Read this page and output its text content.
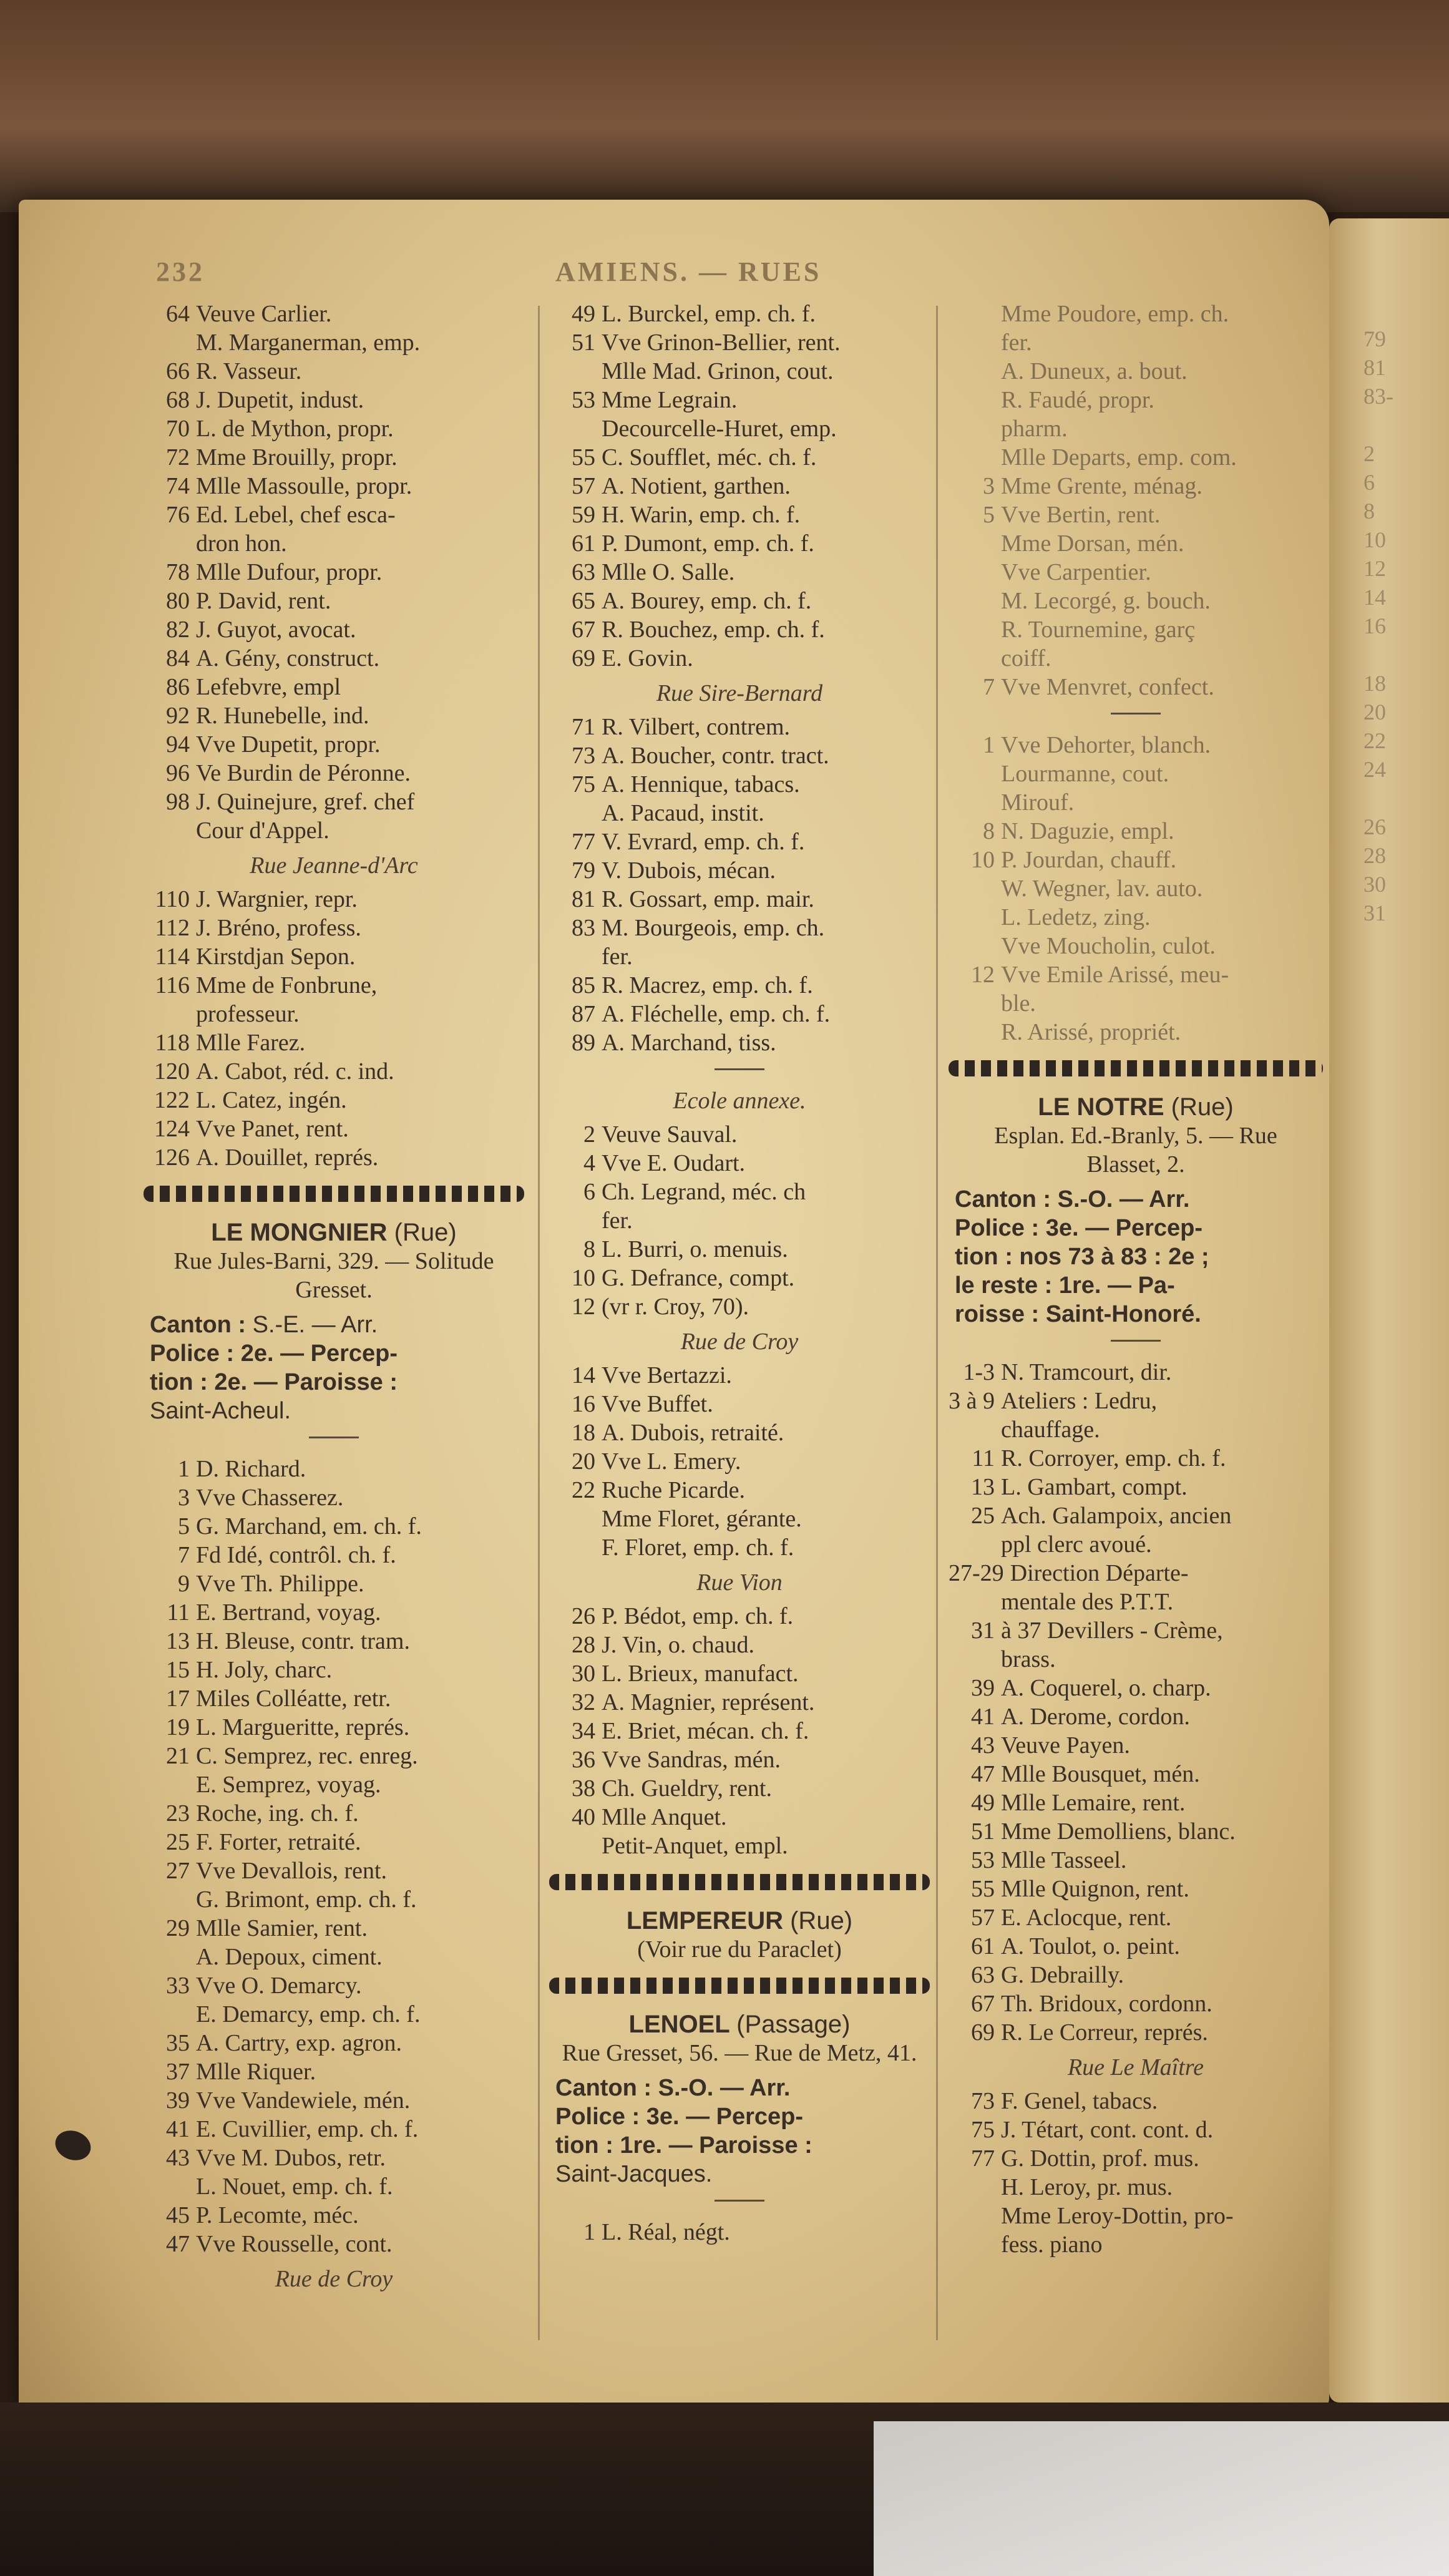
232	AMIENS. — RUES
64 Veuve Carlier.
M. Marganerman, emp.
66 R. Vasseur.
68 J. Dupetit, indust.
70 L. de Mython, propr.
72 Mme Brouilly, propr.
74 Mlle Massoulle, propr.
76 Ed. Lebel, chef esca-
dron hon.
78 Mlle Dufour, propr.
80 P. David, rent.
82 J. Guyot, avocat.
84 A. Gény, construct.
86 Lefebvre, empl
92 R. Hunebelle, ind.
94 Vve Dupetit, propr.
96 Ve Burdin de Péronne.
98 J. Quinejure, gref. chef
Cour d'Appel.
Rue Jeanne-d'Arc
110 J. Wargnier, repr.
112 J. Bréno, profess.
114 Kirstdjan Sepon.
116 Mme de Fonbrune,
professeur.
118 Mlle Farez.
120 A. Cabot, réd. c. ind.
122 L. Catez, ingén.
124 Vve Panet, rent.
126 A. Douillet, représ.
LE MONGNIER (Rue)
Rue Jules-Barni, 329. — Solitude Gresset.
Canton : S.-E. — Arr.
Police : 2e. — Percep-
tion : 2e. — Paroisse :
Saint-Acheul.
1 D. Richard.
3 Vve Chasserez.
5 G. Marchand, em. ch. f.
7 Fd Idé, contrôl. ch. f.
9 Vve Th. Philippe.
11 E. Bertrand, voyag.
13 H. Bleuse, contr. tram.
15 H. Joly, charc.
17 Miles Colléatte, retr.
19 L. Margueritte, représ.
21 C. Semprez, rec. enreg.
E. Semprez, voyag.
23 Roche, ing. ch. f.
25 F. Forter, retraité.
27 Vve Devallois, rent.
G. Brimont, emp. ch. f.
29 Mlle Samier, rent.
A. Depoux, ciment.
33 Vve O. Demarcy.
E. Demarcy, emp. ch. f.
35 A. Cartry, exp. agron.
37 Mlle Riquer.
39 Vve Vandewiele, mén.
41 E. Cuvillier, emp. ch. f.
43 Vve M. Dubos, retr.
L. Nouet, emp. ch. f.
45 P. Lecomte, méc.
47 Vve Rousselle, cont.
Rue de Croy
49 L. Burckel, emp. ch. f.
51 Vve Grinon-Bellier, rent.
Mlle Mad. Grinon, cout.
53 Mme Legrain.
Decourcelle-Huret, emp.
55 C. Soufflet, méc. ch. f.
57 A. Notient, garthen.
59 H. Warin, emp. ch. f.
61 P. Dumont, emp. ch. f.
63 Mlle O. Salle.
65 A. Bourey, emp. ch. f.
67 R. Bouchez, emp. ch. f.
69 E. Govin.
Rue Sire-Bernard
71 R. Vilbert, contrem.
73 A. Boucher, contr. tract.
75 A. Hennique, tabacs.
A. Pacaud, instit.
77 V. Evrard, emp. ch. f.
79 V. Dubois, mécan.
81 R. Gossart, emp. mair.
83 M. Bourgeois, emp. ch.
fer.
85 R. Macrez, emp. ch. f.
87 A. Fléchelle, emp. ch. f.
89 A. Marchand, tiss.
Ecole annexe.
2 Veuve Sauval.
4 Vve E. Oudart.
6 Ch. Legrand, méc. ch
fer.
8 L. Burri, o. menuis.
10 G. Defrance, compt.
12 (vr r. Croy, 70).
Rue de Croy
14 Vve Bertazzi.
16 Vve Buffet.
18 A. Dubois, retraité.
20 Vve L. Emery.
22 Ruche Picarde.
Mme Floret, gérante.
F. Floret, emp. ch. f.
Rue Vion
26 P. Bédot, emp. ch. f.
28 J. Vin, o. chaud.
30 L. Brieux, manufact.
32 A. Magnier, représent.
34 E. Briet, mécan. ch. f.
36 Vve Sandras, mén.
38 Ch. Gueldry, rent.
40 Mlle Anquet.
Petit-Anquet, empl.
LEMPEREUR (Rue)
(Voir rue du Paraclet)
LENOEL (Passage)
Rue Gresset, 56. — Rue de Metz, 41.
Canton : S.-O. — Arr.
Police : 3e. — Percep-
tion : 1re. — Paroisse :
Saint-Jacques.
1 L. Réal, négt.
Mme Poudore, emp. ch.
fer.
A. Duneux, a. bout.
R. Faudé, propr.
pharm.
Mlle Departs, emp. com.
3 Mme Grente, ménag.
5 Vve Bertin, rent.
Mme Dorsan, mén.
Vve Carpentier.
M. Lecorgé, g. bouch.
R. Tournemine, garç
coiff.
7 Vve Menvret, confect.
1 Vve Dehorter, blanch.
Lourmanne, cout.
Mirouf.
8 N. Daguzie, empl.
10 P. Jourdan, chauff.
W. Wegner, lav. auto.
L. Ledetz, zing.
Vve Moucholin, culot.
12 Vve Emile Arissé, meu-
ble.
R. Arissé, propriét.
LE NOTRE (Rue)
Esplan. Ed.-Branly, 5. — Rue Blasset, 2.
Canton : S.-O. — Arr.
Police : 3e. — Percep-
tion : nos 73 à 83 : 2e ;
le reste : 1re. — Pa-
roisse : Saint-Honoré.
1-3 N. Tramcourt, dir.
3 à 9 Ateliers : Ledru,
chauffage.
11 R. Corroyer, emp. ch. f.
13 L. Gambart, compt.
25 Ach. Galampoix, ancien
ppl clerc avoué.
27-29 Direction Départe-
mentale des P.T.T.
31 à 37 Devillers - Crème,
brass.
39 A. Coquerel, o. charp.
41 A. Derome, cordon.
43 Veuve Payen.
47 Mlle Bousquet, mén.
49 Mlle Lemaire, rent.
51 Mme Demolliens, blanc.
53 Mlle Tasseel.
55 Mlle Quignon, rent.
57 E. Aclocque, rent.
61 A. Toulot, o. peint.
63 G. Debrailly.
67 Th. Bridoux, cordonn.
69 R. Le Correur, représ.
Rue Le Maître
73 F. Genel, tabacs.
75 J. Tétart, cont. cont. d.
77 G. Dottin, prof. mus.
H. Leroy, pr. mus.
Mme Leroy-Dottin, pro-
fess. piano
79
81
83-

2
6
8
10
12
14
16

18
20
22
24

26
28
30
31
